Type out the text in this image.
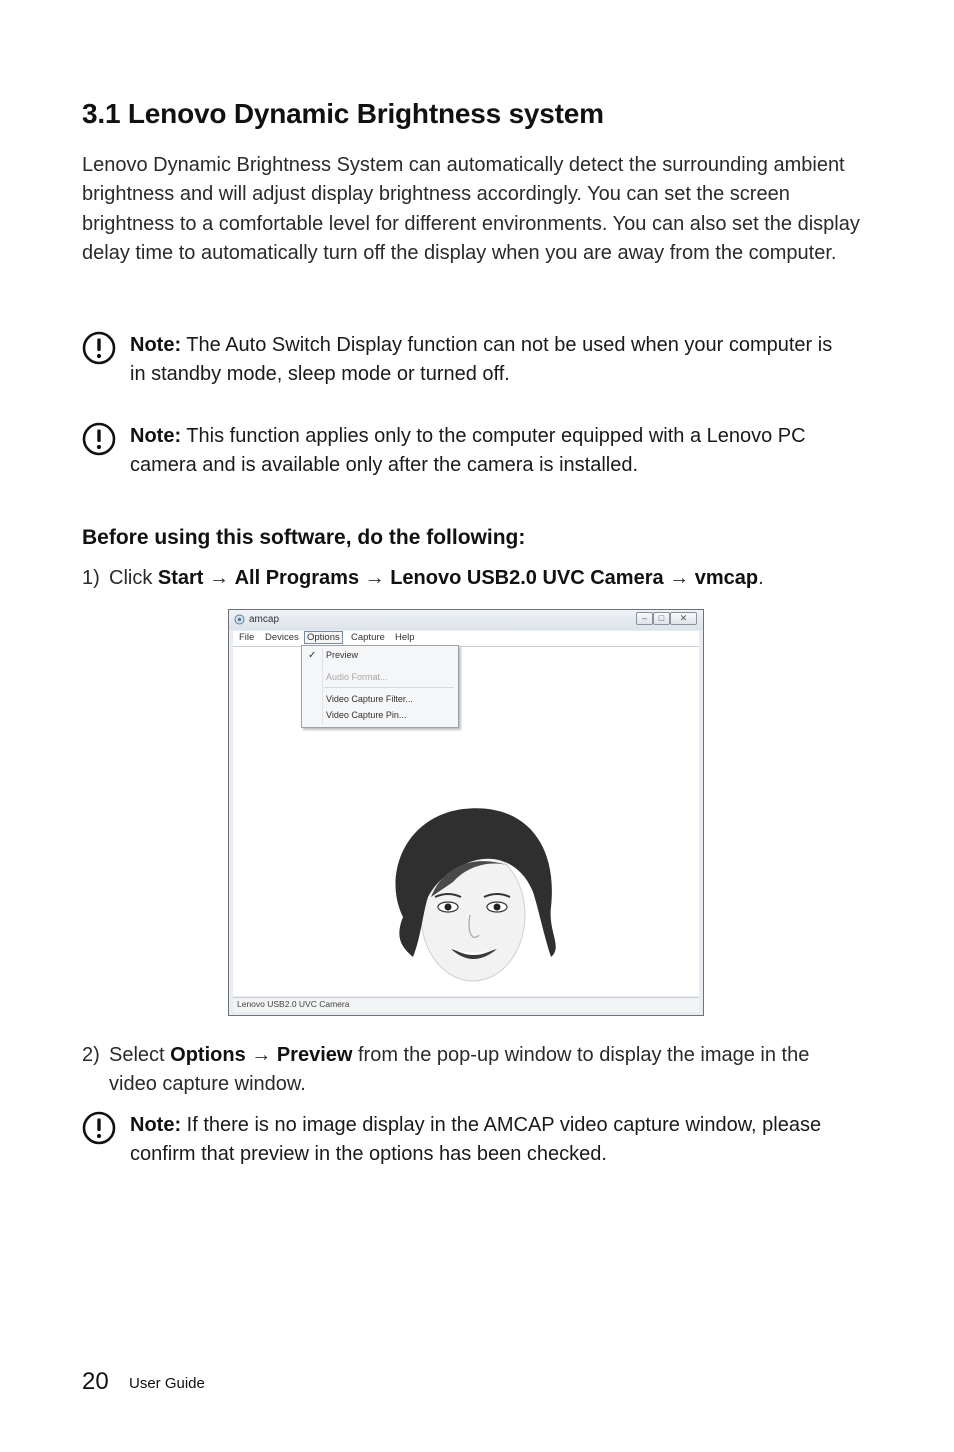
3.1 Lenovo Dynamic Brightness system

Lenovo Dynamic Brightness System can automatically detect the surrounding ambient brightness and will adjust display brightness accordingly. You can set the screen brightness to a comfortable level for different environments. You can also set the display delay time to automatically turn off the display when you are away from the computer.

Note: The Auto Switch Display function can not be used when your computer is in standby mode, sleep mode or turned off.

Note: This function applies only to the computer equipped with a Lenovo PC camera and is available only after the camera is installed.

Before using this software, do the following:
1) Click Start → All Programs → Lenovo USB2.0 UVC Camera → vmcap.
amcap	–	□	✕
File Devices Options	Capture Help
✓ Preview
Audio Format...
Video Capture Filter...
Video Capture Pin...
Lenovo USB2.0 UVC Camera
2) Select Options → Preview from the pop-up window to display the image in the video capture window.

Note: If there is no image display in the AMCAP video capture window, please confirm that preview in the options has been checked.

20 User Guide
